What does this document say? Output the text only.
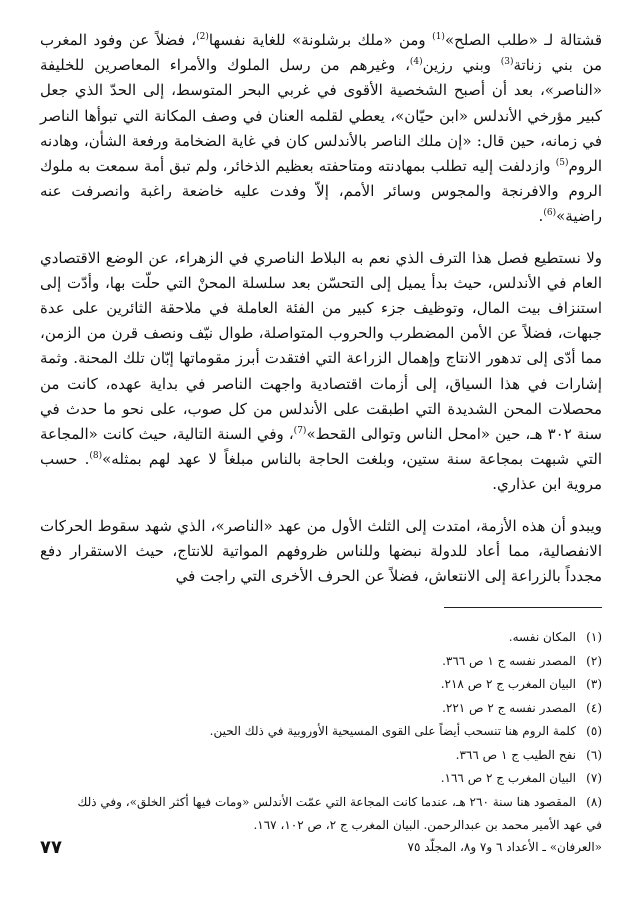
قشتالة لـ «طلب الصلح»$^{(1)}$ ومن «ملك برشلونة» للغاية نفسها$^{(2)}$، فضلاً عن وفود المغرب من بني زناتة$^{(3)}$ وبني رزين$^{(4)}$، وغيرهم من رسل الملوك والأمراء المعاصرين للخليفة «الناصر»، بعد أن أصبح الشخصية الأقوى في غربي البحر المتوسط، إلى الحدّ الذي جعل كبير مؤرخي الأندلس «ابن حيّان»، يعطي لقلمه العنان في وصف المكانة التي تبوأها الناصر في زمانه، حين قال: «إن ملك الناصر بالأندلس كان في غاية الضخامة ورفعة الشأن، وهادنه الروم$^{(5)}$ وازدلفت إليه تطلب بمهادنته ومتاحفته بعظيم الذخائر، ولم تبق أمة سمعت به ملوك الروم والافرنجة والمجوس وسائر الأمم، إلاّ وفدت عليه خاضعة راغبة وانصرفت عنه راضية»$^{(6)}$.

ولا نستطيع فصل هذا الترف الذي نعم به البلاط الناصري في الزهراء، عن الوضع الاقتصادي العام في الأندلس، حيث بدأ يميل إلى التحسّن بعد سلسلة المحنْ التي حلّت بها، وأدّت إلى استنزاف بيت المال، وتوظيف جزء كبير من الفئة العاملة في ملاحقة الثائرين على عدة جبهات، فضلاً عن الأمن المضطرب والحروب المتواصلة، طوال نيّف ونصف قرن من الزمن، مما أدّى إلى تدهور الانتاج وإهمال الزراعة التي افتقدت أبرز مقوماتها إبّان تلك المحنة. وثمة إشارات في هذا السياق، إلى أزمات اقتصادية واجهت الناصر في بداية عهده، كانت من محصلات المحن الشديدة التي اطبقت على الأندلس من كل صوب، على نحو ما حدث في سنة ٣٠٢ هـ، حين «امحل الناس وتوالى القحط»$^{(7)}$، وفي السنة التالية، حيث كانت «المجاعة التي شبهت بمجاعة سنة ستين، وبلغت الحاجة بالناس مبلغاً لا عهد لهم بمثله»$^{(8)}$. حسب مروية ابن عذاري.

ويبدو أن هذه الأزمة، امتدت إلى الثلث الأول من عهد «الناصر»، الذي شهد سقوط الحركات الانفصالية، مما أعاد للدولة نبضها وللناس ظروفهم المواتية للانتاج، حيث الاستقرار دفع مجدداً بالزراعة إلى الانتعاش، فضلاً عن الحرف الأخرى التي راجت في

(١)
المكان نفسه.
(٢)
المصدر نفسه ج ١ ص ٣٦٦.
(٣)
البيان المغرب ج ٢ ص ٢١٨.
(٤)
المصدر نفسه ج ٢ ص ٢٢١.
(٥)
كلمة الروم هنا تنسحب أيضاً على القوى المسيحية الأوروبية في ذلك الحين.
(٦)
نفح الطيب ج ١ ص ٣٦٦.
(٧)
البيان المغرب ج ٢ ص ١٦٦.
(٨)
المقصود هنا سنة ٢٦٠ هـ، عندما كانت المجاعة التي عمّت الأندلس «ومات فيها أكثر الخلق»، وفي ذلك
في عهد الأمير محمد بن عبدالرحمن. البيان المغرب ج ٢، ص ١٠٢، ١٦٧.
«العرفان» ـ الأعداد ٦ و٧ و٨، المجلّد ٧٥
٧٧
